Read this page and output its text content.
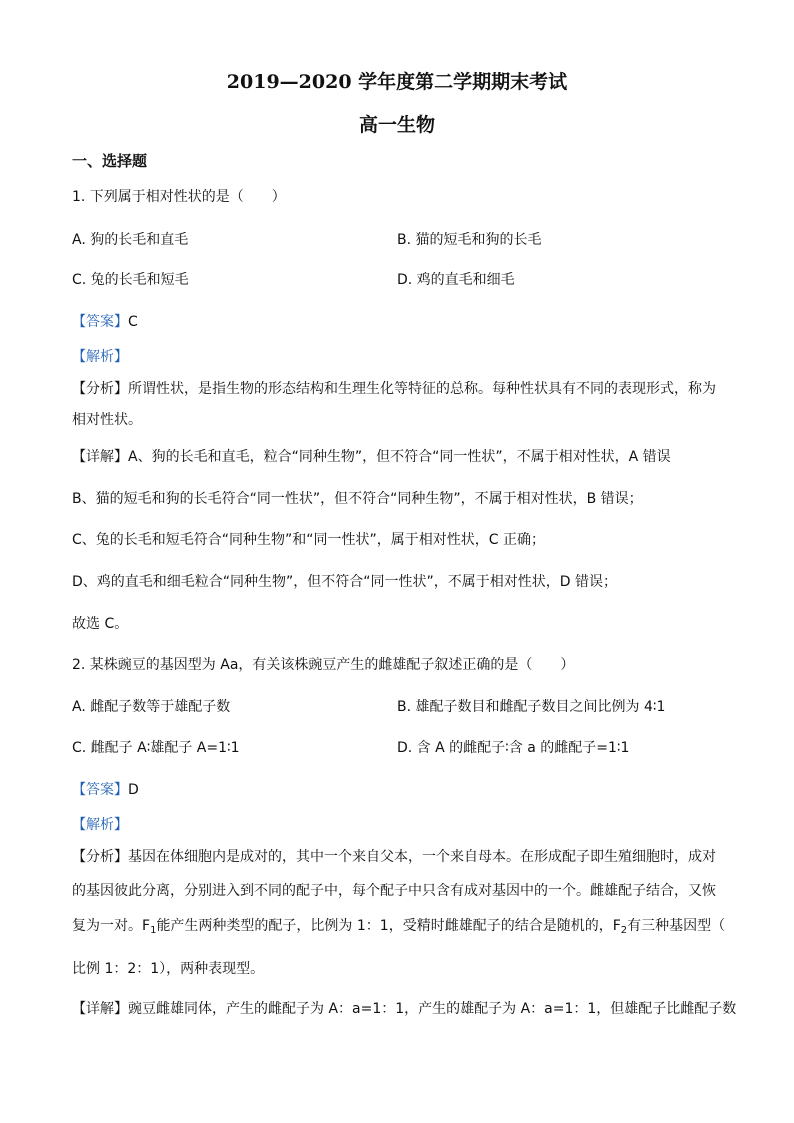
2019—2020 学年度第二学期期末考试
高一生物
一、选择题
1. 下列属于相对性状的是（　　）
A. 狗的长毛和直毛	B. 猫的短毛和狗的长毛
C. 兔的长毛和短毛	D. 鸡的直毛和细毛
【答案】C
【解析】
【分析】所谓性状，是指生物的形态结构和生理生化等特征的总称。每种性状具有不同的表现形式，称为
相对性状。
【详解】A、狗的长毛和直毛，粒合“同种生物”，但不符合“同一性状”，不属于相对性状，A 错误
B、猫的短毛和狗的长毛符合“同一性状”，但不符合“同种生物”，不属于相对性状，B 错误；
C、兔的长毛和短毛符合“同种生物”和“同一性状”，属于相对性状，C 正确；
D、鸡的直毛和细毛粒合“同种生物”，但不符合“同一性状”，不属于相对性状，D 错误；
故选 C。
2. 某株豌豆的基因型为 Aa，有关该株豌豆产生的雌雄配子叙述正确的是（　　）
A. 雌配子数等于雄配子数	B. 雄配子数目和雌配子数目之间比例为 4∶1
C. 雌配子 A∶雄配子 A=1∶1	D. 含 A 的雌配子∶含 a 的雌配子=1∶1
【答案】D
【解析】
【分析】基因在体细胞内是成对的，其中一个来自父本，一个来自母本。在形成配子即生殖细胞时，成对
的基因彼此分离，分别进入到不同的配子中，每个配子中只含有成对基因中的一个。雌雄配子结合，又恢
复为一对。$F_1$能产生两种类型的配子，比例为 1：1，受精时雌雄配子的结合是随机的，$F_2$有三种基因型（
比例 1：2：1），两种表现型。
【详解】豌豆雌雄同体，产生的雌配子为 A：a=1：1，产生的雄配子为 A：a=1：1，但雄配子比雌配子数
